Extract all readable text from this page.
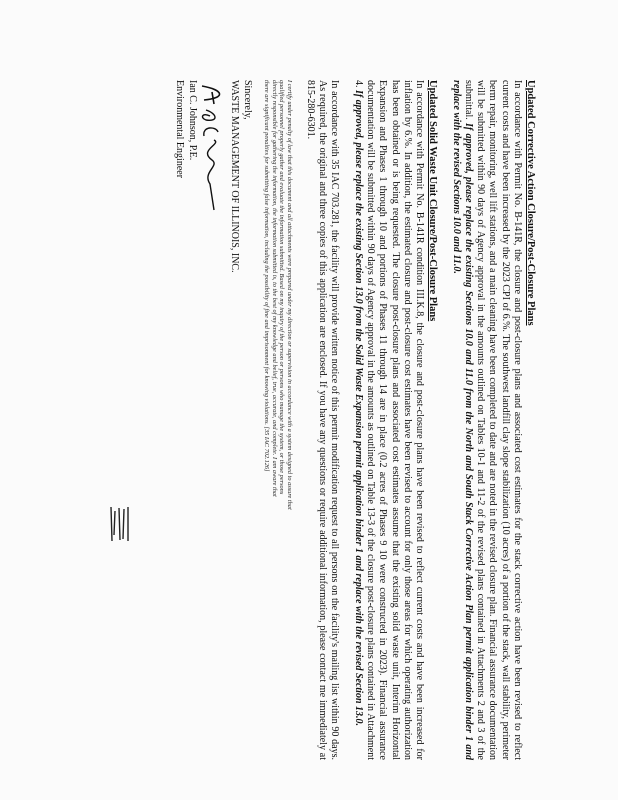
Updated Corrective Action Closure/Post-Closure Plans
In accordance with Permit No. B-141R, the closure and post-closure plans and associated cost estimates for the stack corrective action have been revised to reflect current costs and have been increased by the 2023 CPI of 6.%. The southwest landfill clay slope stabilization (10 acres) of a portion of the stack, wall stability, perimeter berm repair, monitoring, well lift stations, and a main cleaning have been completed to date and are noted in the revised closure plan. Financial assurance documentation will be submitted within 90 days of Agency approval in the amounts outlined on Tables 10-1 and 11-2 of the revised plans contained in Attachments 2 and 3 of the submittal. If approved, please replace the existing Sections 10.0 and 11.0 from the North and South Stack Corrective Action Plan permit application binder 1 and replace with the revised Sections 10.0 and 11.0.
Updated Solid Waste Unit Closure/Post-Closure Plans
In accordance with Permit No. B-141R condition III.K.8, the closure and post-closure plans have been revised to reflect current costs and have been increased for inflation by 6.%. In addition, the estimated closure and post-closure cost estimates have been revised to account for only those areas for which operating authorization has been obtained or is being requested. The closure post-closure plans and associated cost estimates assume that the existing solid waste unit, Interim Horizontal Expansion and Phases 1 through 10 and portions of Phases 11 through 14 are in place (0.2 acres of Phases 9 10 were constructed in 2023). Financial assurance documentation will be submitted within 90 days of Agency approval in the amounts as outlined on Table 13-3 of the closure post-closure plans contained in Attachment 4. If approved, please replace the existing Section 13.0 from the Solid Waste Expansion permit application binder 1 and replace with the revised Section 13.0.
In accordance with 35 IAC 703.281, the facility will provide written notice of this permit modification request to all persons on the facility's mailing list within 90 days. As required, the original and three copies of this application are enclosed. If you have any questions or require additional information, please contact me immediately at 815-280-6301.
I certify under penalty of law that this document and all attachments were prepared under my direction or supervision in accordance with a system designed to assure that qualified personnel properly gather and evaluate the information submitted. Based on my inquiry of the person or persons who manage the system, or those persons directly responsible for gathering the information, the information submitted is, to the best of my knowledge and belief, true, accurate, and complete. I am aware that there are significant penalties for submitting false information, including the possibility of fine and imprisonment for knowing violations. [35 IAC 702.126]
Sincerely,
WASTE MANAGEMENT OF ILLINOIS, INC.
Ian C. Johnson, P.E.
Environmental Engineer
